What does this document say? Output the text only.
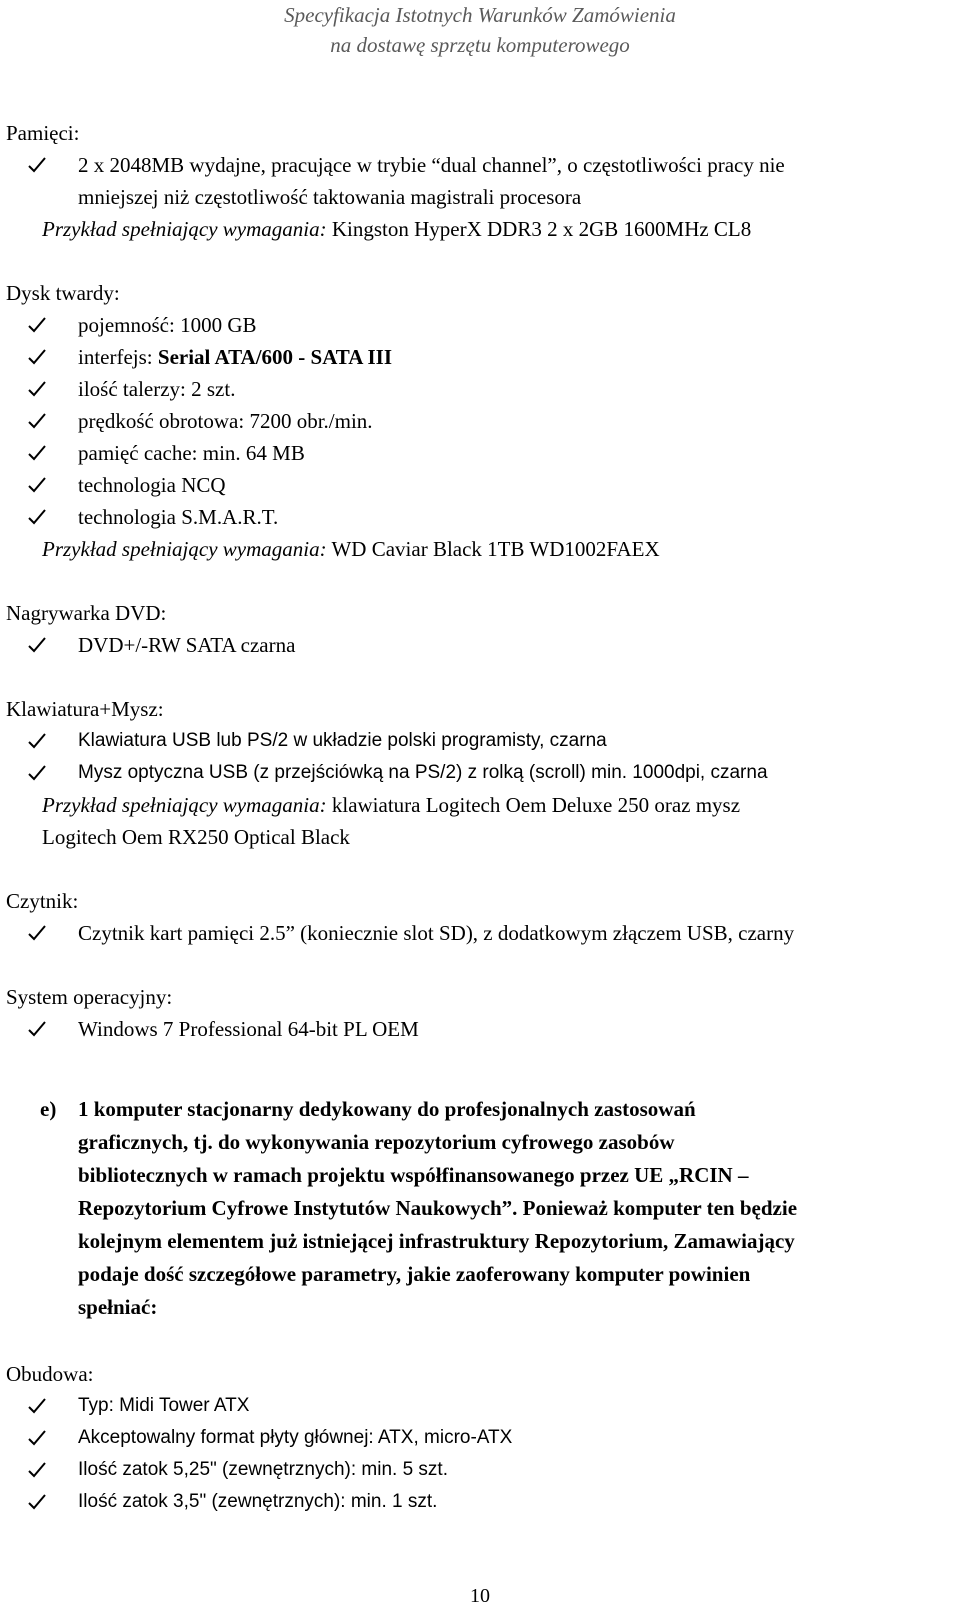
Specyfikacja Istotnych Warunków Zamówienia
na dostawę sprzętu komputerowego
Pamięci:
2 x 2048MB wydajne, pracujące w trybie “dual channel”, o częstotliwości pracy nie
mniejszej niż częstotliwość taktowania magistrali procesora
Przykład spełniający wymagania: Kingston HyperX DDR3 2 x 2GB 1600MHz CL8
Dysk twardy:
pojemność: 1000 GB
interfejs: Serial ATA/600 - SATA III
ilość talerzy: 2 szt.
prędkość obrotowa: 7200 obr./min.
pamięć cache: min. 64 MB
technologia NCQ
technologia S.M.A.R.T.
Przykład spełniający wymagania: WD Caviar Black 1TB WD1002FAEX
Nagrywarka DVD:
DVD+/-RW SATA czarna
Klawiatura+Mysz:
Klawiatura USB lub PS/2 w układzie polski programisty, czarna
Mysz optyczna USB (z przejściówką na PS/2) z rolką (scroll) min. 1000dpi, czarna
Przykład spełniający wymagania: klawiatura Logitech Oem Deluxe 250 oraz mysz
Logitech Oem RX250 Optical Black
Czytnik:
Czytnik kart pamięci 2.5” (koniecznie slot SD), z dodatkowym złączem USB, czarny
System operacyjny:
Windows 7 Professional 64-bit PL OEM
e) 1 komputer stacjonarny dedykowany do profesjonalnych zastosowań
graficznych, tj. do wykonywania repozytorium cyfrowego zasobów
bibliotecznych w ramach projektu współfinansowanego przez UE „RCIN –
Repozytorium Cyfrowe Instytutów Naukowych”. Ponieważ komputer ten będzie
kolejnym elementem już istniejącej infrastruktury Repozytorium, Zamawiający
podaje dość szczegółowe parametry, jakie zaoferowany komputer powinien
spełniać:
Obudowa:
Typ: Midi Tower ATX
Akceptowalny format płyty głównej: ATX, micro-ATX
Ilość zatok 5,25" (zewnętrznych): min. 5 szt.
Ilość zatok 3,5" (zewnętrznych): min. 1 szt.
10
